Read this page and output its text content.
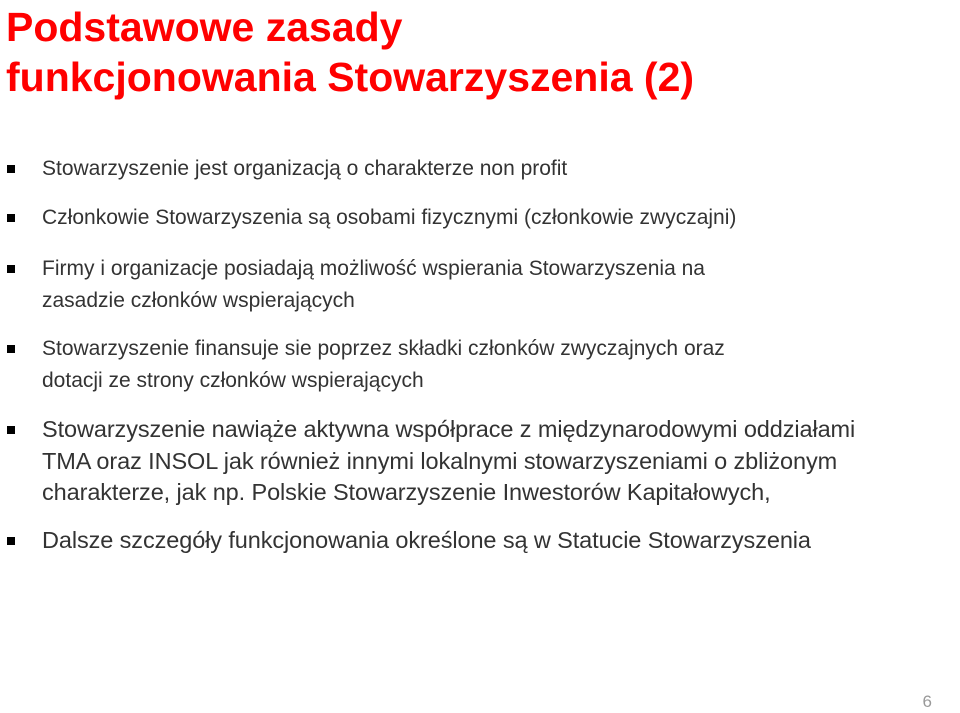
Podstawowe zasady
funkcjonowania Stowarzyszenia (2)
Stowarzyszenie jest organizacją o charakterze non profit
Członkowie Stowarzyszenia są osobami fizycznymi (członkowie zwyczajni)
Firmy i organizacje posiadają możliwość wspierania Stowarzyszenia na
zasadzie członków wspierających
Stowarzyszenie finansuje sie poprzez składki członków zwyczajnych oraz
dotacji ze strony członków wspierających
Stowarzyszenie nawiąże aktywna współprace z międzynarodowymi oddziałami
TMA oraz INSOL jak również innymi lokalnymi stowarzyszeniami o zbliżonym
charakterze, jak np. Polskie Stowarzyszenie Inwestorów Kapitałowych,
Dalsze szczegóły funkcjonowania określone są w Statucie Stowarzyszenia
6
